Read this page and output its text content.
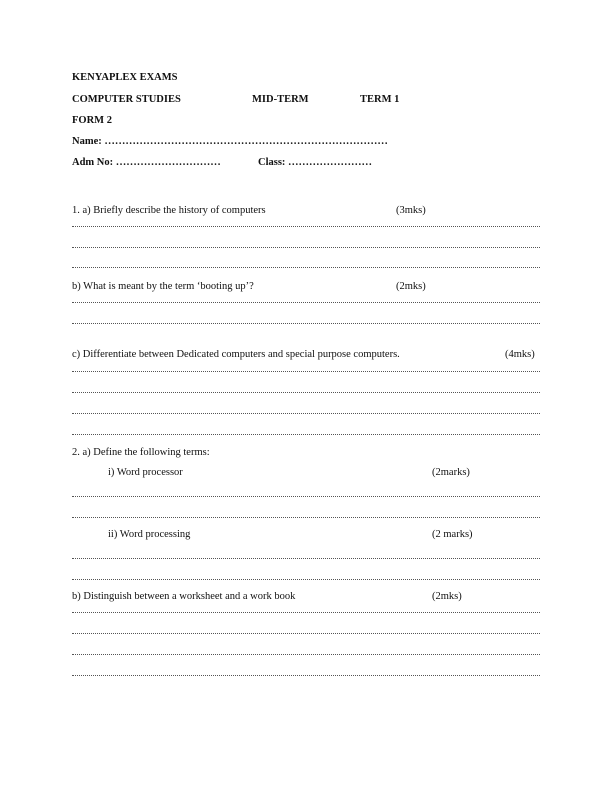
KENYAPLEX EXAMS
COMPUTER STUDIES	MID-TERM	TERM 1
FORM 2
Name: ………………………………………………………………………
Adm No: …………………………	Class: ……………………
1. a) Briefly describe the history of computers	(3mks)
b) What is meant by the term ‘booting up’?	(2mks)
c) Differentiate between Dedicated computers and special purpose computers.	(4mks)
2. a) Define the following terms:
i) Word processor	(2marks)
ii) Word processing	(2 marks)
b) Distinguish between a worksheet and a work book	(2mks)
